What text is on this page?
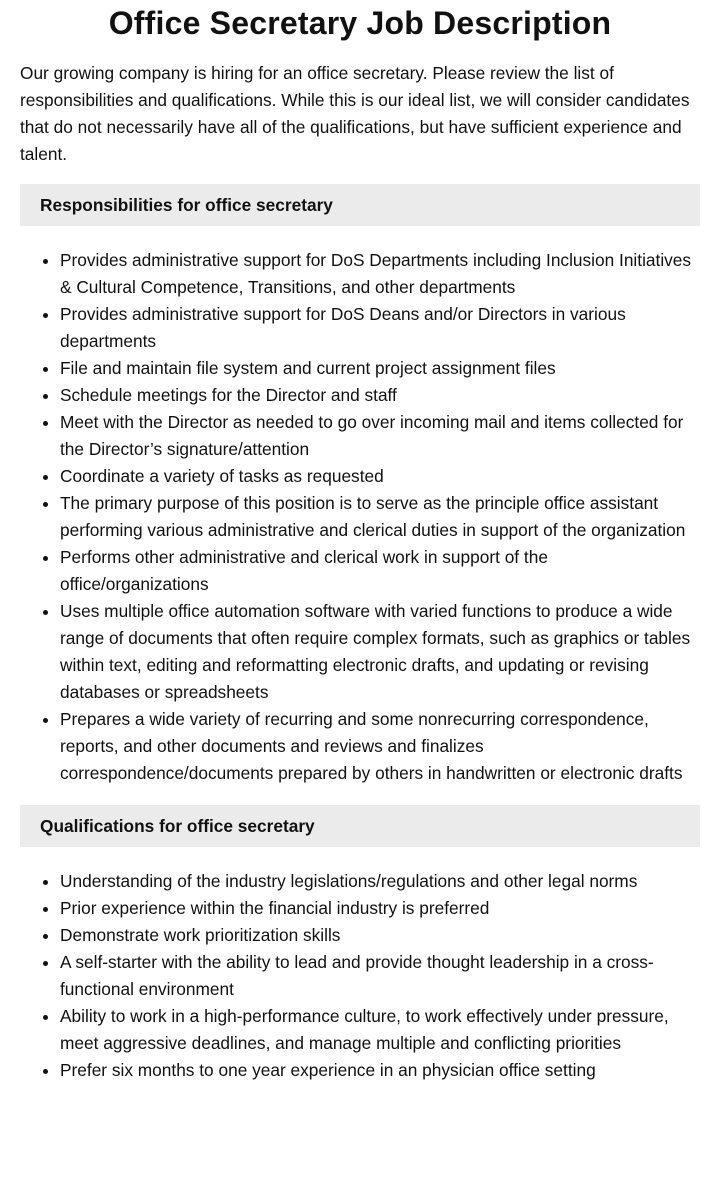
Office Secretary Job Description

Our growing company is hiring for an office secretary. Please review the list of responsibilities and qualifications. While this is our ideal list, we will consider candidates that do not necessarily have all of the qualifications, but have sufficient experience and talent.

Responsibilities for office secretary
• Provides administrative support for DoS Departments including Inclusion Initiatives & Cultural Competence, Transitions, and other departments
• Provides administrative support for DoS Deans and/or Directors in various departments
• File and maintain file system and current project assignment files
• Schedule meetings for the Director and staff
• Meet with the Director as needed to go over incoming mail and items collected for the Director’s signature/attention
• Coordinate a variety of tasks as requested
• The primary purpose of this position is to serve as the principle office assistant performing various administrative and clerical duties in support of the organization
• Performs other administrative and clerical work in support of the office/organizations
• Uses multiple office automation software with varied functions to produce a wide range of documents that often require complex formats, such as graphics or tables within text, editing and reformatting electronic drafts, and updating or revising databases or spreadsheets
• Prepares a wide variety of recurring and some nonrecurring correspondence, reports, and other documents and reviews and finalizes correspondence/documents prepared by others in handwritten or electronic drafts
Qualifications for office secretary
• Understanding of the industry legislations/regulations and other legal norms
• Prior experience within the financial industry is preferred
• Demonstrate work prioritization skills
• A self-starter with the ability to lead and provide thought leadership in a cross-functional environment
• Ability to work in a high-performance culture, to work effectively under pressure, meet aggressive deadlines, and manage multiple and conflicting priorities
• Prefer six months to one year experience in an physician office setting
